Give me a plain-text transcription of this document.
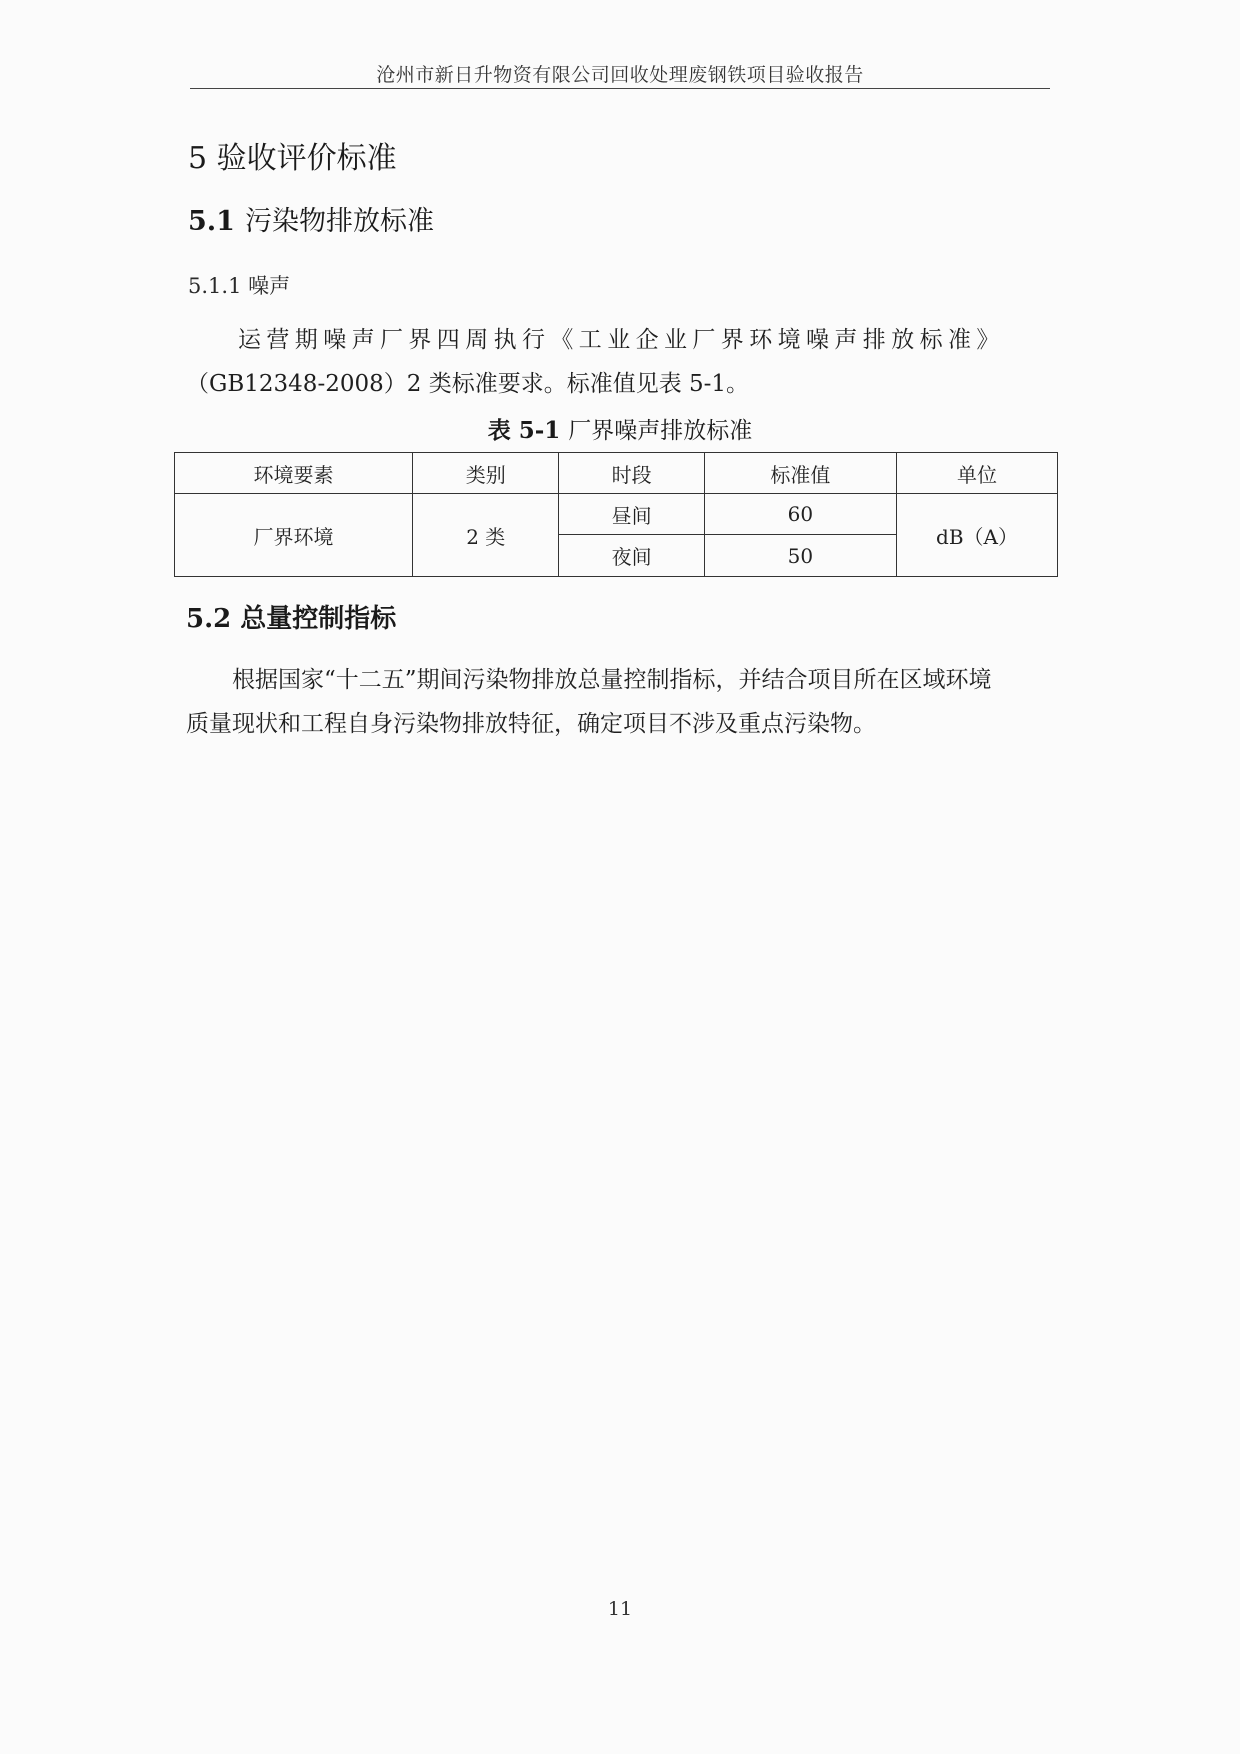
沧州市新日升物资有限公司回收处理废钢铁项目验收报告
5 验收评价标准
5.1 污染物排放标准
5.1.1 噪声
运营期噪声厂界四周执行《工业企业厂界环境噪声排放标准》
（GB12348-2008）2 类标准要求。标准值见表 5-1。
表 5-1 厂界噪声排放标准
环境要素	类别	时段	标准值	单位
厂界环境	2 类	昼间	60	dB（A）
		夜间	50	
5.2 总量控制指标
根据国家“十二五”期间污染物排放总量控制指标，并结合项目所在区域环境
质量现状和工程自身污染物排放特征，确定项目不涉及重点污染物。
11
